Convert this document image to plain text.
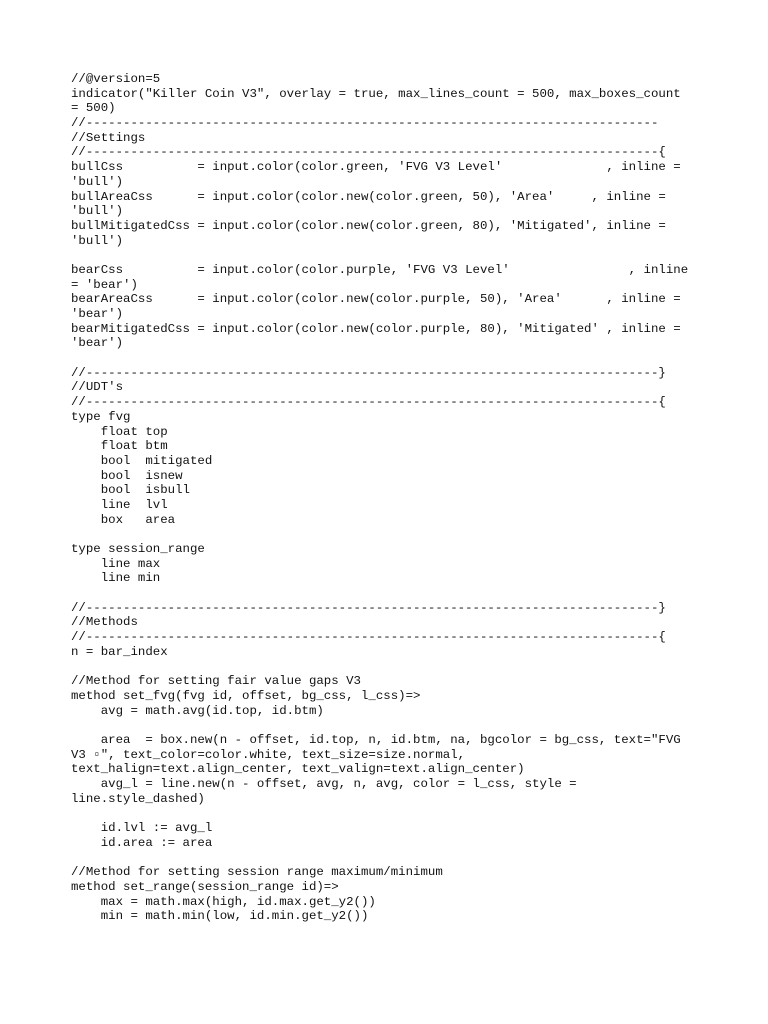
//@version=5
indicator("Killer Coin V3", overlay = true, max_lines_count = 500, max_boxes_count
= 500)
//-----------------------------------------------------------------------------
//Settings
//-----------------------------------------------------------------------------{
bullCss          = input.color(color.green, 'FVG V3 Level'              , inline =
'bull')
bullAreaCss      = input.color(color.new(color.green, 50), 'Area'     , inline =
'bull')
bullMitigatedCss = input.color(color.new(color.green, 80), 'Mitigated', inline =
'bull')
bearCss          = input.color(color.purple, 'FVG V3 Level'                , inline
= 'bear')
bearAreaCss      = input.color(color.new(color.purple, 50), 'Area'      , inline =
'bear')
bearMitigatedCss = input.color(color.new(color.purple, 80), 'Mitigated' , inline =
'bear')
//-----------------------------------------------------------------------------}
//UDT's
//-----------------------------------------------------------------------------{
type fvg
float top
float btm
bool  mitigated
bool  isnew
bool  isbull
line  lvl
box   area
type session_range
line max
line min
//-----------------------------------------------------------------------------}
//Methods
//-----------------------------------------------------------------------------{
n = bar_index
//Method for setting fair value gaps V3
method set_fvg(fvg id, offset, bg_css, l_css)=>
avg = math.avg(id.top, id.btm)
area  = box.new(n - offset, id.top, n, id.btm, na, bgcolor = bg_css, text="FVG
V3 ▫", text_color=color.white, text_size=size.normal,
text_halign=text.align_center, text_valign=text.align_center)
avg_l = line.new(n - offset, avg, n, avg, color = l_css, style =
line.style_dashed)
id.lvl := avg_l
id.area := area
//Method for setting session range maximum/minimum
method set_range(session_range id)=>
max = math.max(high, id.max.get_y2())
min = math.min(low, id.min.get_y2())
